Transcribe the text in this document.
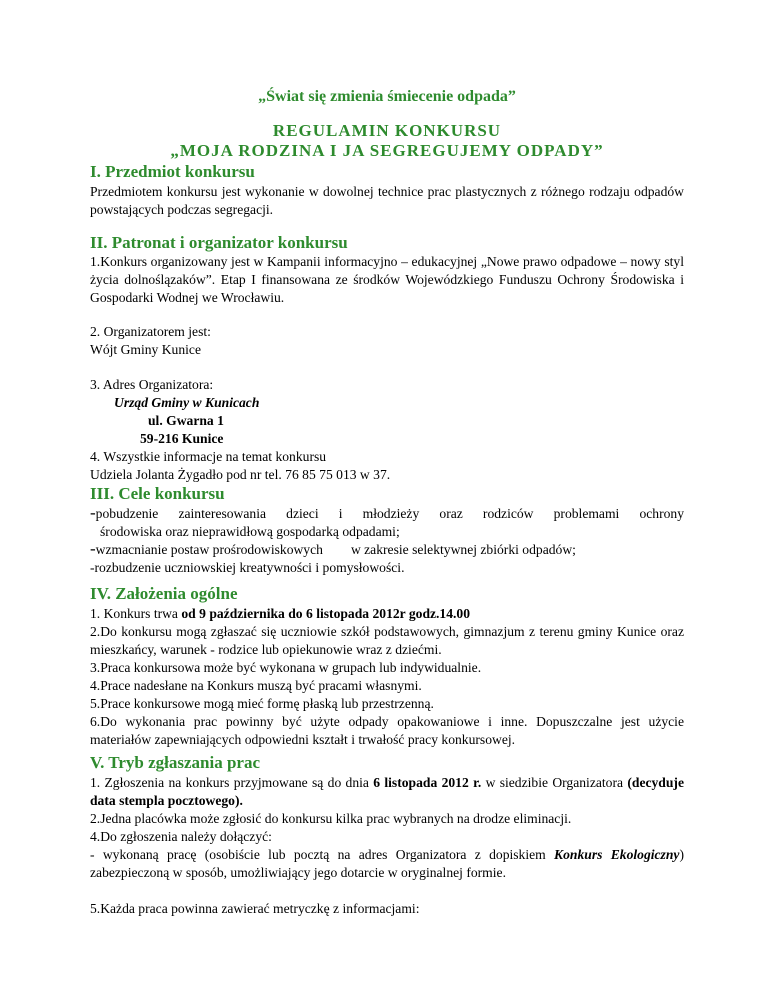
„Świat się zmienia śmiecenie odpada”
REGULAMIN KONKURSU
„MOJA RODZINA I JA SEGREGUJEMY ODPADY”
I. Przedmiot konkursu
Przedmiotem konkursu jest wykonanie w dowolnej technice prac plastycznych z różnego rodzaju odpadów powstających podczas segregacji.
II. Patronat i organizator konkursu
1.Konkurs organizowany jest w Kampanii informacyjno – edukacyjnej „Nowe prawo odpadowe – nowy styl życia dolnoślązaków”. Etap I finansowana ze środków Wojewódzkiego Funduszu Ochrony Środowiska i Gospodarki Wodnej we Wrocławiu.
2. Organizatorem jest:
Wójt Gminy Kunice
3. Adres Organizatora:
Urząd Gminy w Kunicach
ul. Gwarna 1
59-216 Kunice
4. Wszystkie informacje na temat konkursu
Udziela Jolanta Żygadło pod nr tel. 76 85 75 013 w 37.
III. Cele konkursu
-pobudzenie zainteresowania dzieci i młodzieży oraz rodziców problemami ochrony
środowiska oraz nieprawidłową gospodarką odpadami;
-wzmacnianie postaw prośrodowiskowych w zakresie selektywnej zbiórki odpadów;
-rozbudzenie uczniowskiej kreatywności i pomysłowości.
IV. Założenia ogólne
1. Konkurs trwa od 9 października do 6 listopada 2012r godz.14.00
2.Do konkursu mogą zgłaszać się uczniowie szkół podstawowych, gimnazjum z terenu gminy Kunice oraz mieszkańcy, warunek - rodzice lub opiekunowie wraz z dziećmi.
3.Praca konkursowa może być wykonana w grupach lub indywidualnie.
4.Prace nadesłane na Konkurs muszą być pracami własnymi.
5.Prace konkursowe mogą mieć formę płaską lub przestrzenną.
6.Do wykonania prac powinny być użyte odpady opakowaniowe i inne. Dopuszczalne jest użycie materiałów zapewniających odpowiedni kształt i trwałość pracy konkursowej.
V. Tryb zgłaszania prac
1. Zgłoszenia na konkurs przyjmowane są do dnia 6 listopada 2012 r. w siedzibie Organizatora (decyduje data stempla pocztowego).
2.Jedna placówka może zgłosić do konkursu kilka prac wybranych na drodze eliminacji.
4.Do zgłoszenia należy dołączyć:
- wykonaną pracę (osobiście lub pocztą na adres Organizatora z dopiskiem Konkurs Ekologiczny) zabezpieczoną w sposób, umożliwiający jego dotarcie w oryginalnej formie.
5.Każda praca powinna zawierać metryczkę z informacjami:
